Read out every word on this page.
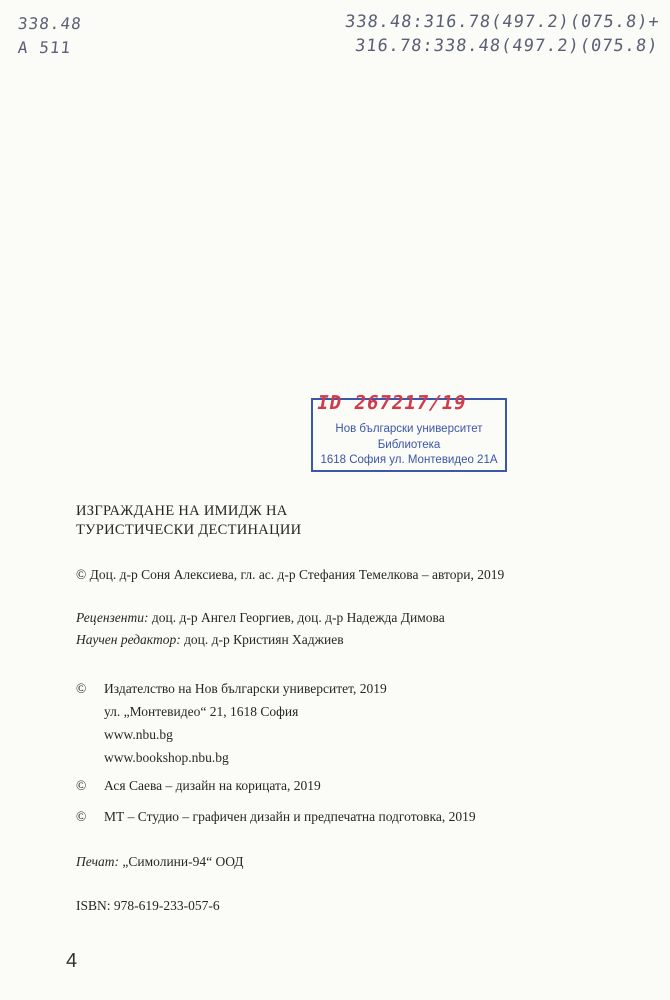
338.48
A 511
338.48:316.78(497.2)(075.8)+
316.78:338.48(497.2)(075.8)
ID 267217/19
Нов български университет
Библиотека
1618 София ул. Монтевидео 21А
ИЗГРАЖДАНЕ НА ИМИДЖ НА
ТУРИСТИЧЕСКИ ДЕСТИНАЦИИ
© Доц. д-р Соня Алексиева, гл. ас. д-р Стефания Темелкова – автори, 2019
Рецензенти: доц. д-р Ангел Георгиев, доц. д-р Надежда Димова
Научен редактор: доц. д-р Кристиян Хаджиев
© Издателство на Нов български университет, 2019
ул. „Монтевидео“ 21, 1618 София
www.nbu.bg
www.bookshop.nbu.bg
© Ася Саева – дизайн на корицата, 2019
© МТ – Студио – графичен дизайн и предпечатна подготовка, 2019
Печат: „Симолини-94“ ООД
ISBN: 978-619-233-057-6
4
